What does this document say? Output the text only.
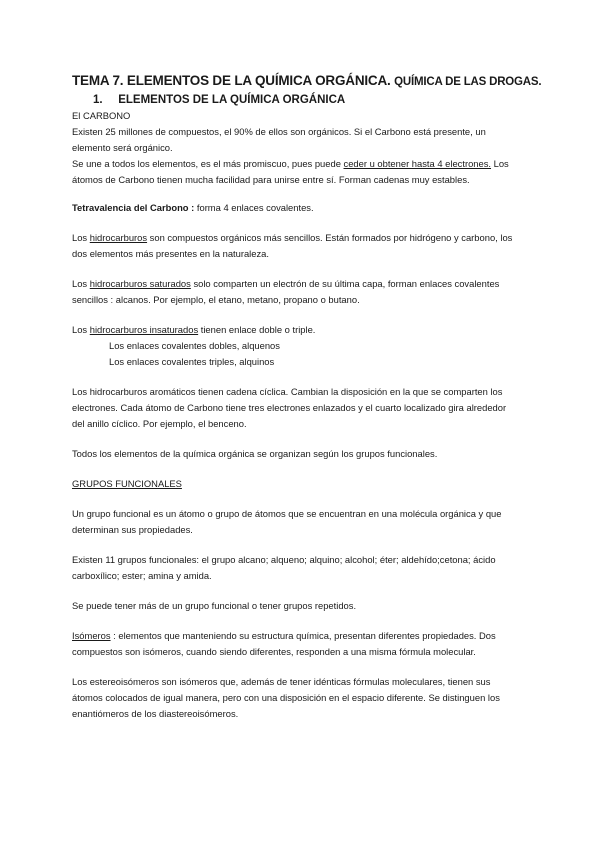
TEMA 7. ELEMENTOS DE LA QUÍMICA ORGÁNICA. QUÍMICA DE LAS DROGAS.
1. ELEMENTOS DE LA QUÍMICA ORGÁNICA
El CARBONO
Existen 25 millones de compuestos, el 90% de ellos son orgánicos. Si el Carbono está presente, un
elemento será orgánico.
Se une a todos los elementos, es el más promiscuo, pues puede ceder u obtener hasta 4 electrones. Los
átomos de Carbono tienen mucha facilidad para unirse entre sí. Forman cadenas muy estables.
Tetravalencia del Carbono : forma 4 enlaces covalentes.
Los hidrocarburos son compuestos orgánicos más sencillos. Están formados por hidrógeno y carbono, los
dos elementos más presentes en la naturaleza.
Los hidrocarburos saturados solo comparten un electrón de su última capa, forman enlaces covalentes
sencillos : alcanos. Por ejemplo, el etano, metano, propano o butano.
Los hidrocarburos insaturados tienen enlace doble o triple.
Los enlaces covalentes dobles, alquenos
Los enlaces covalentes triples, alquinos
Los hidrocarburos aromáticos tienen cadena cíclica. Cambian la disposición en la que se comparten los
electrones. Cada átomo de Carbono tiene tres electrones enlazados y el cuarto localizado gira alrededor
del anillo cíclico. Por ejemplo, el benceno.
Todos los elementos de la química orgánica se organizan según los grupos funcionales.
GRUPOS FUNCIONALES
Un grupo funcional es un átomo o grupo de átomos que se encuentran en una molécula orgánica y que
determinan sus propiedades.
Existen 11 grupos funcionales: el grupo alcano; alqueno; alquino; alcohol; éter; aldehído;cetona; ácido
carboxílico; ester; amina y amida.
Se puede tener más de un grupo funcional o tener grupos repetidos.
Isómeros : elementos que manteniendo su estructura química, presentan diferentes propiedades. Dos
compuestos son isómeros, cuando siendo diferentes, responden a una misma fórmula molecular.
Los estereoisómeros son isómeros que, además de tener idénticas fórmulas moleculares, tienen sus
átomos colocados de igual manera, pero con una disposición en el espacio diferente. Se distinguen los
enantiómeros de los diastereoisómeros.
